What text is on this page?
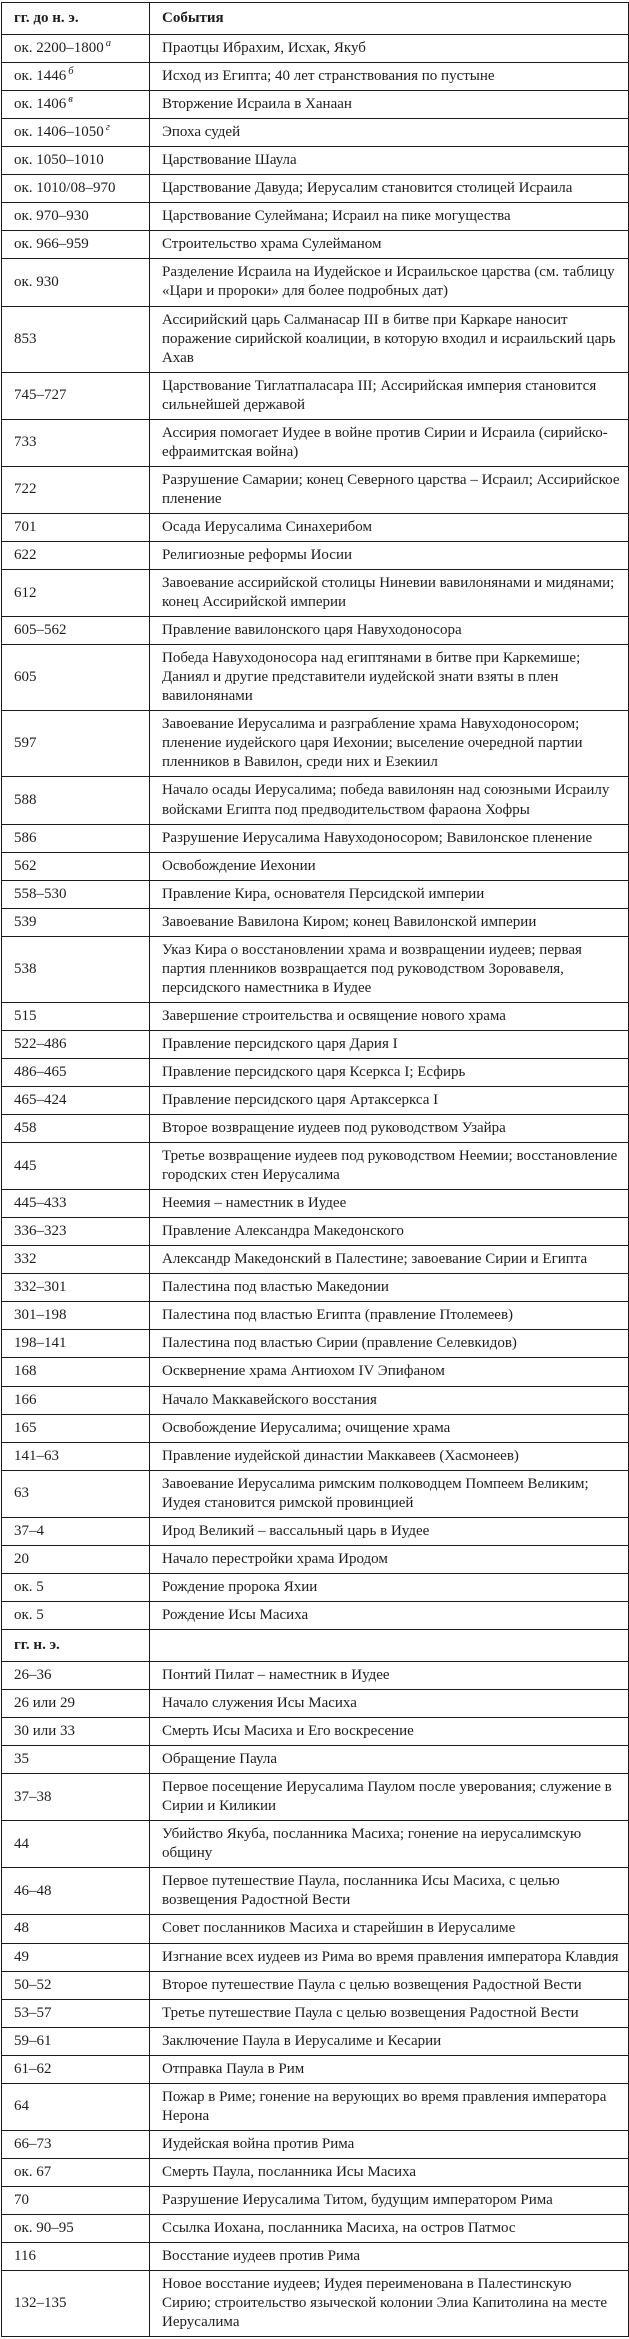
гг. до н. э.	События
ок. 2200–1800 $^а$	Праотцы Ибрахим, Исхак, Якуб
ок. 1446 $^б$	Исход из Египта; 40 лет странствования по пустыне
ок. 1406 $^в$	Вторжение Исраила в Ханаан
ок. 1406–1050 $^г$	Эпоха судей
ок. 1050–1010	Царствование Шаула
ок. 1010/08–970	Царствование Давуда; Иерусалим становится столицей Исраила
ок. 970–930	Царствование Сулеймана; Исраил на пике могущества
ок. 966–959	Строительство храма Сулейманом
ок. 930	Разделение Исраила на Иудейское и Исраильское царства (см. таблицу «Цари и пророки» для более подробных дат)
853	Ассирийский царь Салманасар III в битве при Каркаре наносит поражение сирийской коалиции, в которую входил и исраильский царь Ахав
745–727	Царствование Тиглатпаласара III; Ассирийская империя становится сильнейшей державой
733	Ассирия помогает Иудее в войне против Сирии и Исраила (сирийско-ефраимитская война)
722	Разрушение Самарии; конец Северного царства – Исраил; Ассирийское пленение
701	Осада Иерусалима Синахерибом
622	Религиозные реформы Иосии
612	Завоевание ассирийской столицы Ниневии вавилонянами и мидянами; конец Ассирийской империи
605–562	Правление вавилонского царя Навуходоносора
605	Победа Навуходоносора над египтянами в битве при Каркемише; Даниял и другие представители иудейской знати взяты в плен вавилонянами
597	Завоевание Иерусалима и разграбление храма Навуходоносором; пленение иудейского царя Иехонии; выселение очередной партии пленников в Вавилон, среди них и Езекиил
588	Начало осады Иерусалима; победа вавилонян над союзными Исраилу войсками Египта под предводительством фараона Хофры
586	Разрушение Иерусалима Навуходоносором; Вавилонское пленение
562	Освобождение Иехонии
558–530	Правление Кира, основателя Персидской империи
539	Завоевание Вавилона Киром; конец Вавилонской империи
538	Указ Кира о восстановлении храма и возвращении иудеев; первая партия пленников возвращается под руководством Зоровавеля, персидского наместника в Иудее
515	Завершение строительства и освящение нового храма
522–486	Правление персидского царя Дария I
486–465	Правление персидского царя Ксеркса I; Есфирь
465–424	Правление персидского царя Артаксеркса I
458	Второе возвращение иудеев под руководством Узайра
445	Третье возвращение иудеев под руководством Неемии; восстановление городских стен Иерусалима
445–433	Неемия – наместник в Иудее
336–323	Правление Александра Македонского
332	Александр Македонский в Палестине; завоевание Сирии и Египта
332–301	Палестина под властью Македонии
301–198	Палестина под властью Египта (правление Птолемеев)
198–141	Палестина под властью Сирии (правление Селевкидов)
168	Осквернение храма Антиохом IV Эпифаном
166	Начало Маккавейского восстания
165	Освобождение Иерусалима; очищение храма
141–63	Правление иудейской династии Маккавеев (Хасмонеев)
63	Завоевание Иерусалима римским полководцем Помпеем Великим; Иудея становится римской провинцией
37–4	Ирод Великий – вассальный царь в Иудее
20	Начало перестройки храма Иродом
ок. 5	Рождение пророка Яхии
ок. 5	Рождение Исы Масиха
гг. н. э.	
26–36	Понтий Пилат – наместник в Иудее
26 или 29	Начало служения Исы Масиха
30 или 33	Смерть Исы Масиха и Его воскресение
35	Обращение Паула
37–38	Первое посещение Иерусалима Паулом после уверования; служение в Сирии и Киликии
44	Убийство Якуба, посланника Масиха; гонение на иерусалимскую общину
46–48	Первое путешествие Паула, посланника Исы Масиха, с целью возвещения Радостной Вести
48	Совет посланников Масиха и старейшин в Иерусалиме
49	Изгнание всех иудеев из Рима во время правления императора Клавдия
50–52	Второе путешествие Паула с целью возвещения Радостной Вести
53–57	Третье путешествие Паула с целью возвещения Радостной Вести
59–61	Заключение Паула в Иерусалиме и Кесарии
61–62	Отправка Паула в Рим
64	Пожар в Риме; гонение на верующих во время правления императора Нерона
66–73	Иудейская война против Рима
ок. 67	Смерть Паула, посланника Исы Масиха
70	Разрушение Иерусалима Титом, будущим императором Рима
ок. 90–95	Ссылка Иохана, посланника Масиха, на остров Патмос
116	Восстание иудеев против Рима
132–135	Новое восстание иудеев; Иудея переименована в Палестинскую Сирию; строительство языческой колонии Элиа Капитолина на месте Иерусалима
